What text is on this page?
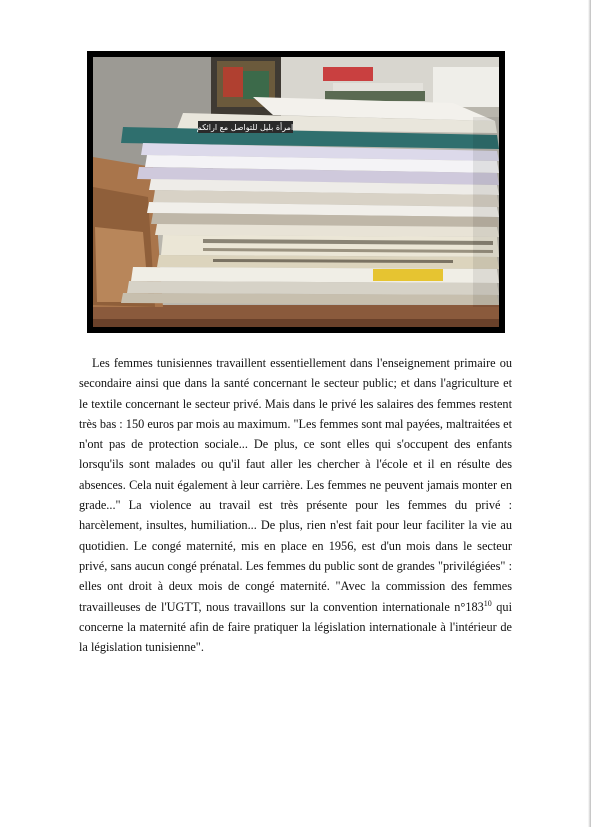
امرأة بليل للتواصل مع ارائكم

Les femmes tunisiennes travaillent essentiellement dans l'enseignement primaire ou secondaire ainsi que dans la santé concernant le secteur public; et dans l'agriculture et le textile concernant le secteur privé. Mais dans le privé les salaires des femmes restent très bas : 150 euros par mois au maximum. "Les femmes sont mal payées, maltraitées et n'ont pas de protection sociale... De plus, ce sont elles qui s'occupent des enfants lorsqu'ils sont malades ou qu'il faut aller les chercher à l'école et il en résulte des absences. Cela nuit également à leur carrière. Les femmes ne peuvent jamais monter en grade..." La violence au travail est très présente pour les femmes du privé : harcèlement, insultes, humiliation... De plus, rien n'est fait pour leur faciliter la vie au quotidien. Le congé maternité, mis en place en 1956, est d'un mois dans le secteur privé, sans aucun congé prénatal. Les femmes du public sont de grandes "privilégiées" : elles ont droit à deux mois de congé maternité. "Avec la commission des femmes travailleuses de l'UGTT, nous travaillons sur la convention internationale $n^\circ 183^{10}$ qui concerne la maternité afin de faire pratiquer la législation internationale à l'intérieur de la législation tunisienne".
